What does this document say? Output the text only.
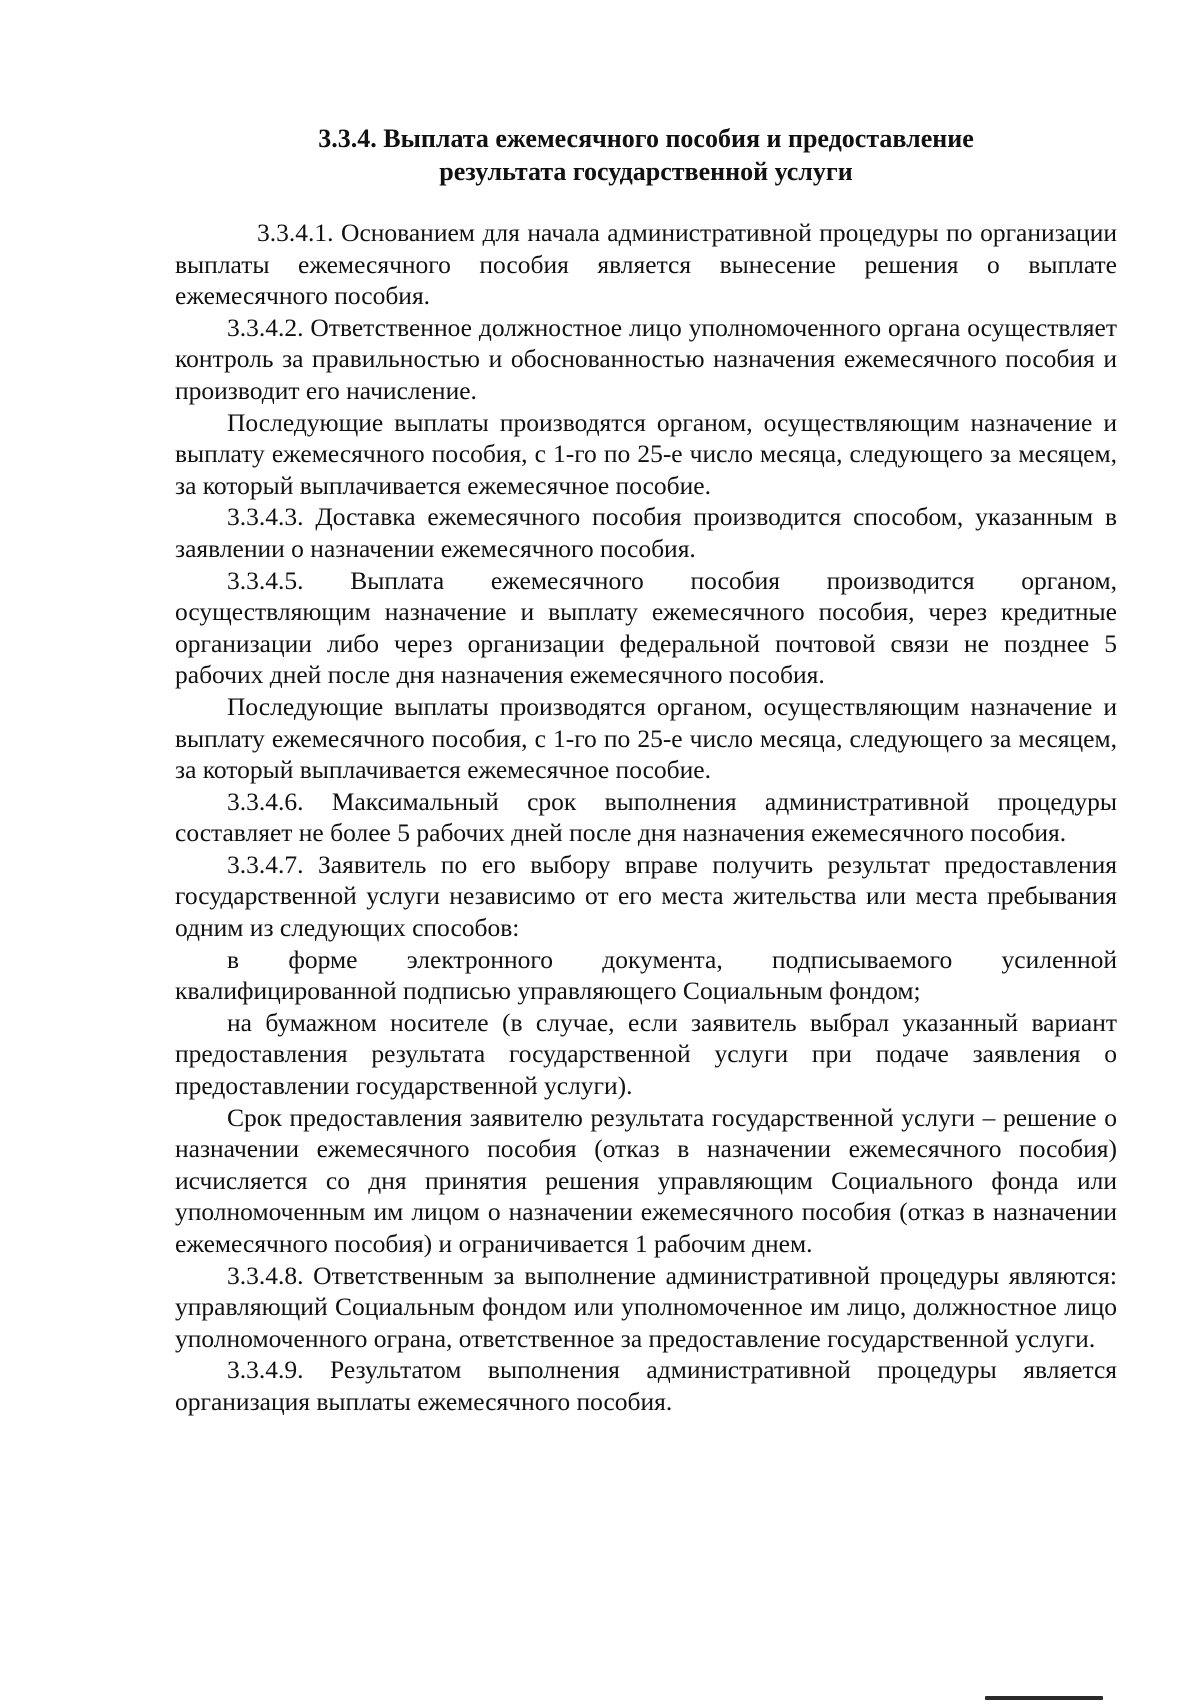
3.3.4. Выплата ежемесячного пособия и предоставление
результата государственной услуги

3.3.4.1. Основанием для начала административной процедуры по организации выплаты ежемесячного пособия является вынесение решения о выплате ежемесячного пособия.

3.3.4.2. Ответственное должностное лицо уполномоченного органа осуществляет контроль за правильностью и обоснованностью назначения ежемесячного пособия и производит его начисление.

Последующие выплаты производятся органом, осуществляющим назначение и выплату ежемесячного пособия, с 1-го по 25-е число месяца, следующего за месяцем, за который выплачивается ежемесячное пособие.

3.3.4.3. Доставка ежемесячного пособия производится способом, указанным в заявлении о назначении ежемесячного пособия.

3.3.4.5. Выплата ежемесячного пособия производится органом, осуществляющим назначение и выплату ежемесячного пособия, через кредитные организации либо через организации федеральной почтовой связи не позднее 5 рабочих дней после дня назначения ежемесячного пособия.

Последующие выплаты производятся органом, осуществляющим назначение и выплату ежемесячного пособия, с 1-го по 25-е число месяца, следующего за месяцем, за который выплачивается ежемесячное пособие.

3.3.4.6. Максимальный срок выполнения административной процедуры составляет не более 5 рабочих дней после дня назначения ежемесячного пособия.

3.3.4.7. Заявитель по его выбору вправе получить результат предоставления государственной услуги независимо от его места жительства или места пребывания одним из следующих способов:

в форме электронного документа, подписываемого усиленной квалифицированной подписью управляющего Социальным фондом;

на бумажном носителе (в случае, если заявитель выбрал указанный вариант предоставления результата государственной услуги при подаче заявления о предоставлении государственной услуги).

Срок предоставления заявителю результата государственной услуги – решение о назначении ежемесячного пособия (отказ в назначении ежемесячного пособия) исчисляется со дня принятия решения управляющим Социального фонда или уполномоченным им лицом о назначении ежемесячного пособия (отказ в назначении ежемесячного пособия) и ограничивается 1 рабочим днем.

3.3.4.8. Ответственным за выполнение административной процедуры являются: управляющий Социальным фондом или уполномоченное им лицо, должностное лицо уполномоченного огрaна, ответственное за предоставление государственной услуги.

3.3.4.9. Результатом выполнения административной процедуры является организация выплаты ежемесячного пособия.
